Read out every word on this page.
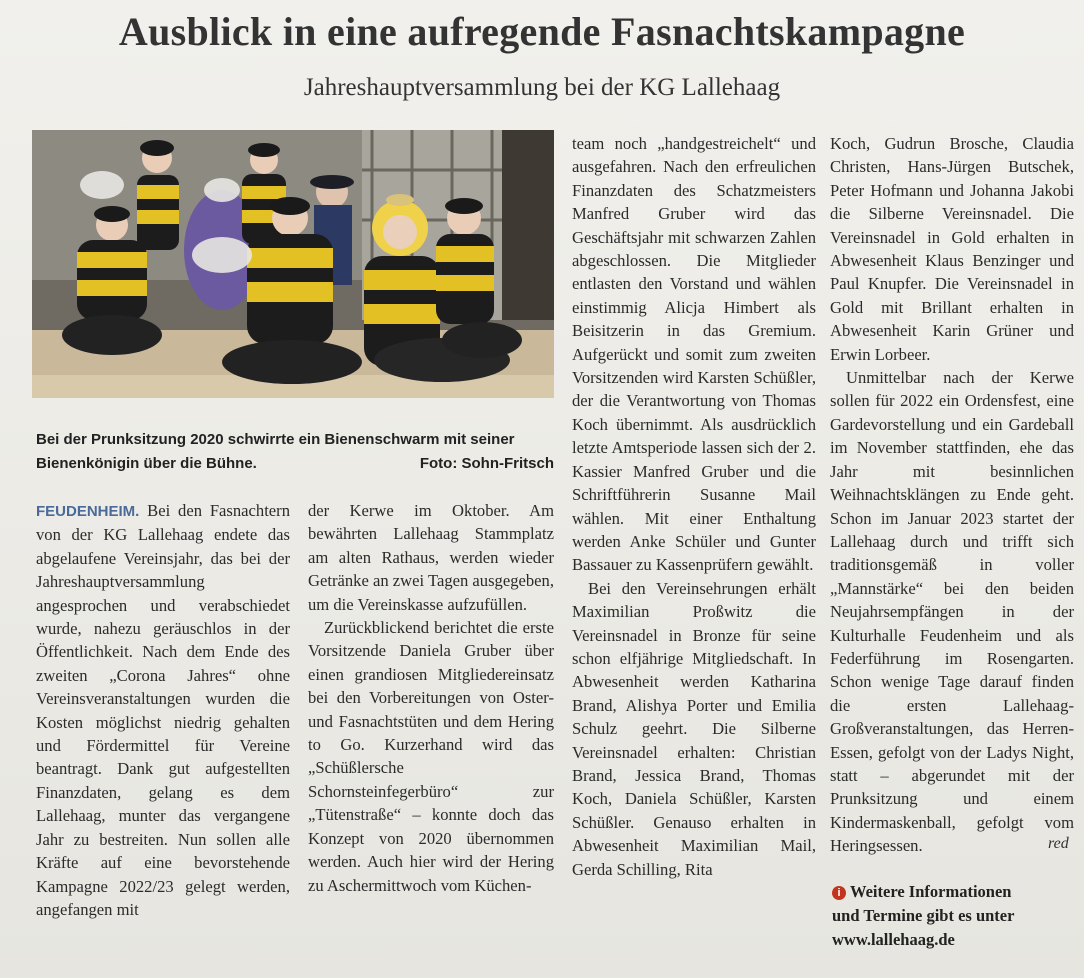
Ausblick in eine aufregende Fasnachtskampagne
Jahreshauptversammlung bei der KG Lallehaag
Bei der Prunksitzung 2020 schwirrte ein Bienenschwarm mit seiner Bienenkönigin über die Bühne.	Foto: Sohn-Fritsch

FEUDENHEIM. Bei den Fasnachtern von der KG Lallehaag endete das abgelaufene Vereinsjahr, das bei der Jahreshauptversammlung angesprochen und verabschiedet wurde, nahezu geräuschlos in der Öffentlichkeit. Nach dem Ende des zweiten „Corona Jahres“ ohne Vereinsveranstaltungen wurden die Kosten möglichst niedrig gehalten und Fördermittel für Vereine beantragt. Dank gut aufgestellten Finanzdaten, gelang es dem Lallehaag, munter das vergangene Jahr zu bestreiten. Nun sollen alle Kräfte auf eine bevorstehende Kampagne 2022/23 gelegt werden, angefangen mit

der Kerwe im Oktober. Am bewährten Lallehaag Stammplatz am alten Rathaus, werden wieder Getränke an zwei Tagen ausgegeben, um die Vereinskasse aufzufüllen.

Zurückblickend berichtet die erste Vorsitzende Daniela Gruber über einen grandiosen Mitgliedereinsatz bei den Vorbereitungen von Oster- und Fasnachtstüten und dem Hering to Go. Kurzerhand wird das „Schüßlersche Schornsteinfegerbüro“ zur „Tütenstraße“ – konnte doch das Konzept von 2020 übernommen werden. Auch hier wird der Hering zu Aschermittwoch vom Küchen-

team noch „handgestreichelt“ und ausgefahren. Nach den erfreulichen Finanzdaten des Schatzmeisters Manfred Gruber wird das Geschäftsjahr mit schwarzen Zahlen abgeschlossen. Die Mitglieder entlasten den Vorstand und wählen einstimmig Alicja Himbert als Beisitzerin in das Gremium. Aufgerückt und somit zum zweiten Vorsitzenden wird Karsten Schüßler, der die Verantwortung von Thomas Koch übernimmt. Als ausdrücklich letzte Amtsperiode lassen sich der 2. Kassier Manfred Gruber und die Schriftführerin Susanne Mail wählen. Mit einer Enthaltung werden Anke Schüler und Gunter Bassauer zu Kassenprüfern gewählt.

Bei den Vereinsehrungen erhält Maximilian Proßwitz die Vereinsnadel in Bronze für seine schon elfjährige Mitgliedschaft. In Abwesenheit werden Katharina Brand, Alishya Porter und Emilia Schulz geehrt. Die Silberne Vereinsnadel erhalten: Christian Brand, Jessica Brand, Thomas Koch, Daniela Schüßler, Karsten Schüßler. Genauso erhalten in Abwesenheit Maximilian Mail, Gerda Schilling, Rita

Koch, Gudrun Brosche, Claudia Christen, Hans-Jürgen Butschek, Peter Hofmann und Johanna Jakobi die Silberne Vereinsnadel. Die Vereinsnadel in Gold erhalten in Abwesenheit Klaus Benzinger und Paul Knupfer. Die Vereinsnadel in Gold mit Brillant erhalten in Abwesenheit Karin Grüner und Erwin Lorbeer.

Unmittelbar nach der Kerwe sollen für 2022 ein Ordensfest, eine Gardevorstellung und ein Gardeball im November stattfinden, ehe das Jahr mit besinnlichen Weihnachtsklängen zu Ende geht. Schon im Januar 2023 startet der Lallehaag durch und trifft sich traditionsgemäß in voller „Mannstärke“ bei den beiden Neujahrsempfängen in der Kulturhalle Feudenheim und als Federführung im Rosengarten. Schon wenige Tage darauf finden die ersten Lallehaag-Großveranstaltungen, das Herren-Essen, gefolgt von der Ladys Night, statt – abgerundet mit der Prunksitzung und einem Kindermaskenball, gefolgt vom Heringsessen.	red
i Weitere Informationen
und Termine gibt es unter
www.lallehaag.de
